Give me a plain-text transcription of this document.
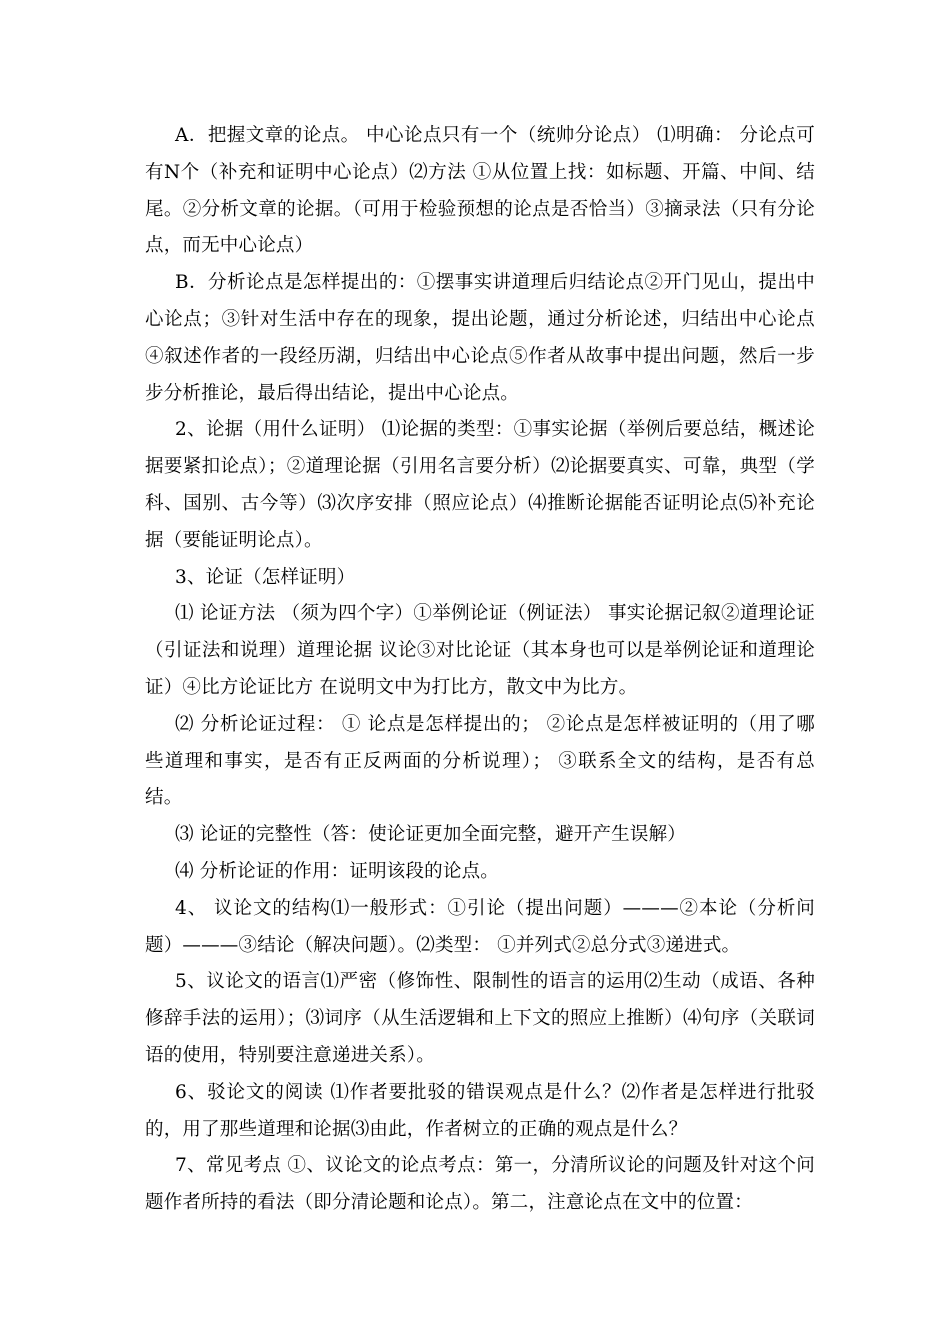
A．把握文章的论点。 中心论点只有一个（统帅分论点） ⑴明确： 分论点可有N个（补充和证明中心论点）⑵方法 ①从位置上找：如标题、开篇、中间、结尾。②分析文章的论据。（可用于检验预想的论点是否恰当）③摘录法（只有分论点，而无中心论点）

B．分析论点是怎样提出的：①摆事实讲道理后归结论点②开门见山，提出中心论点；③针对生活中存在的现象，提出论题，通过分析论述，归结出中心论点④叙述作者的一段经历湖，归结出中心论点⑤作者从故事中提出问题，然后一步步分析推论，最后得出结论，提出中心论点。

2、论据（用什么证明） ⑴论据的类型：①事实论据（举例后要总结，概述论据要紧扣论点）；②道理论据（引用名言要分析）⑵论据要真实、可靠，典型（学科、国别、古今等）⑶次序安排（照应论点）⑷推断论据能否证明论点⑸补充论据（要能证明论点）。

3、论证（怎样证明）

⑴ 论证方法 （须为四个字）①举例论证（例证法） 事实论据记叙②道理论证（引证法和说理）道理论据 议论③对比论证（其本身也可以是举例论证和道理论证）④比方论证比方 在说明文中为打比方，散文中为比方。

⑵ 分析论证过程： ① 论点是怎样提出的； ②论点是怎样被证明的（用了哪些道理和事实，是否有正反两面的分析说理）； ③联系全文的结构，是否有总结。

⑶ 论证的完整性（答：使论证更加全面完整，避开产生误解）

⑷ 分析论证的作用：证明该段的论点。

4、 议论文的结构⑴一般形式：①引论（提出问题）———②本论（分析问题）———③结论（解决问题）。⑵类型： ①并列式②总分式③递进式。

5、议论文的语言⑴严密（修饰性、限制性的语言的运用⑵生动（成语、各种修辞手法的运用）；⑶词序（从生活逻辑和上下文的照应上推断）⑷句序（关联词语的使用，特别要注意递进关系）。

6、驳论文的阅读 ⑴作者要批驳的错误观点是什么？⑵作者是怎样进行批驳的，用了那些道理和论据⑶由此，作者树立的正确的观点是什么？

7、常见考点 ①、议论文的论点考点：第一，分清所议论的问题及针对这个问题作者所持的看法（即分清论题和论点）。第二，注意论点在文中的位置：
